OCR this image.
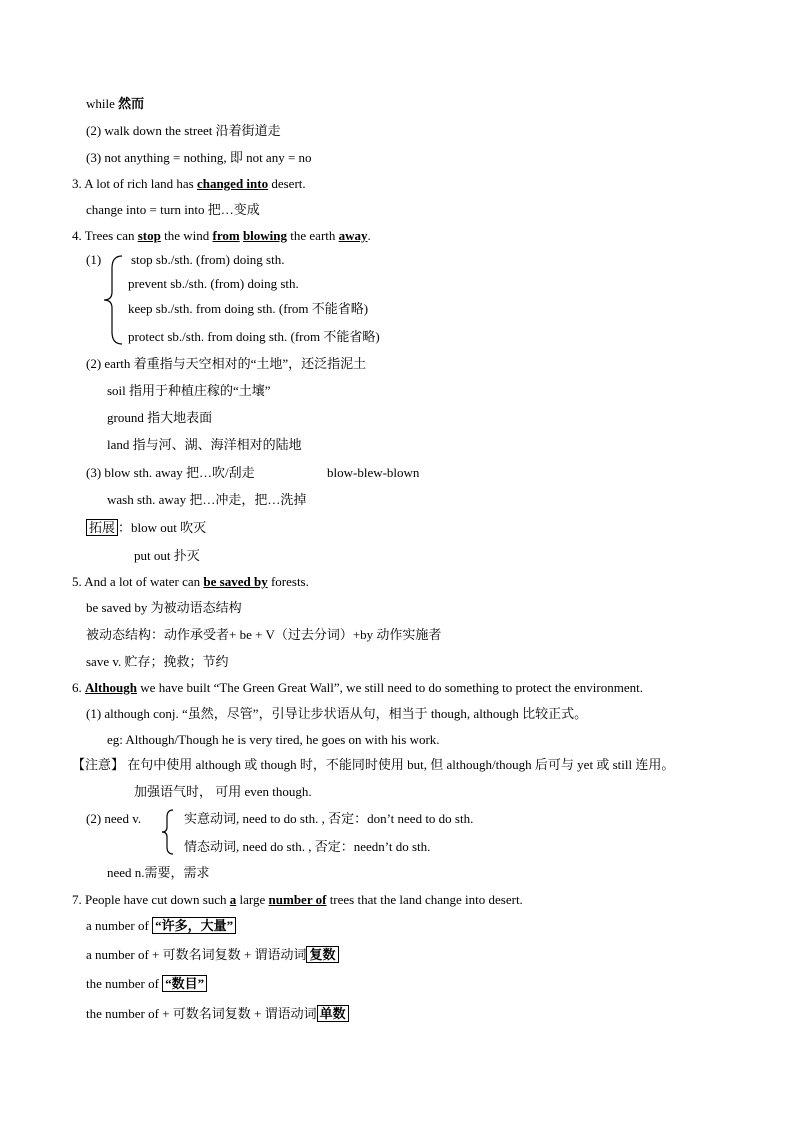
while 然而
(2) walk down the street 沿着街道走
(3) not anything = nothing, 即 not any = no
3. A lot of rich land has changed into desert.
change into = turn into 把…变成
4. Trees can stop the wind from blowing the earth away.
(1) stop sb./sth. (from) doing sth.
prevent sb./sth. (from) doing sth.
keep sb./sth. from doing sth. (from 不能省略)
protect sb./sth. from doing sth. (from 不能省略)
(2) earth 着重指与天空相对的“土地”，还泛指泥土
soil 指用于种植庄稼的“土壤”
ground 指大地表面
land 指与河、湖、海洋相对的陆地
(3) blow sth. away 把…吹/刮走	blow-blew-blown
wash sth. away 把…冲走，把…洗掉
拓展 ：blow out 吹灭
put out 扑灭
5. And a lot of water can be saved by forests.
be saved by 为被动语态结构
被动态结构：动作承受者+ be + V（过去分词）+by 动作实施者
save v. 贮存；挽救；节约
6. Although we have built “The Green Great Wall”, we still need to do something to protect the environment.
(1) although conj. “虽然，尽管”，引导让步状语从句，相当于 though, although 比较正式。
eg: Although/Though he is very tired, he goes on with his work.
【注意】 在句中使用 although 或 though 时，不能同时使用 but, 但 although/though 后可与 yet 或 still 连用。
加强语气时， 可用 even though.
(2) need v.	实意动词, need to do sth. , 否定：don’t need to do sth.
情态动词, need do sth. , 否定：needn’t do sth.
need n.需要，需求
7. People have cut down such a large number of trees that the land change into desert.
a number of “许多，大量”
a number of + 可数名词复数 + 谓语动词 复数
the number of “数目”
the number of + 可数名词复数 + 谓语动词 单数
